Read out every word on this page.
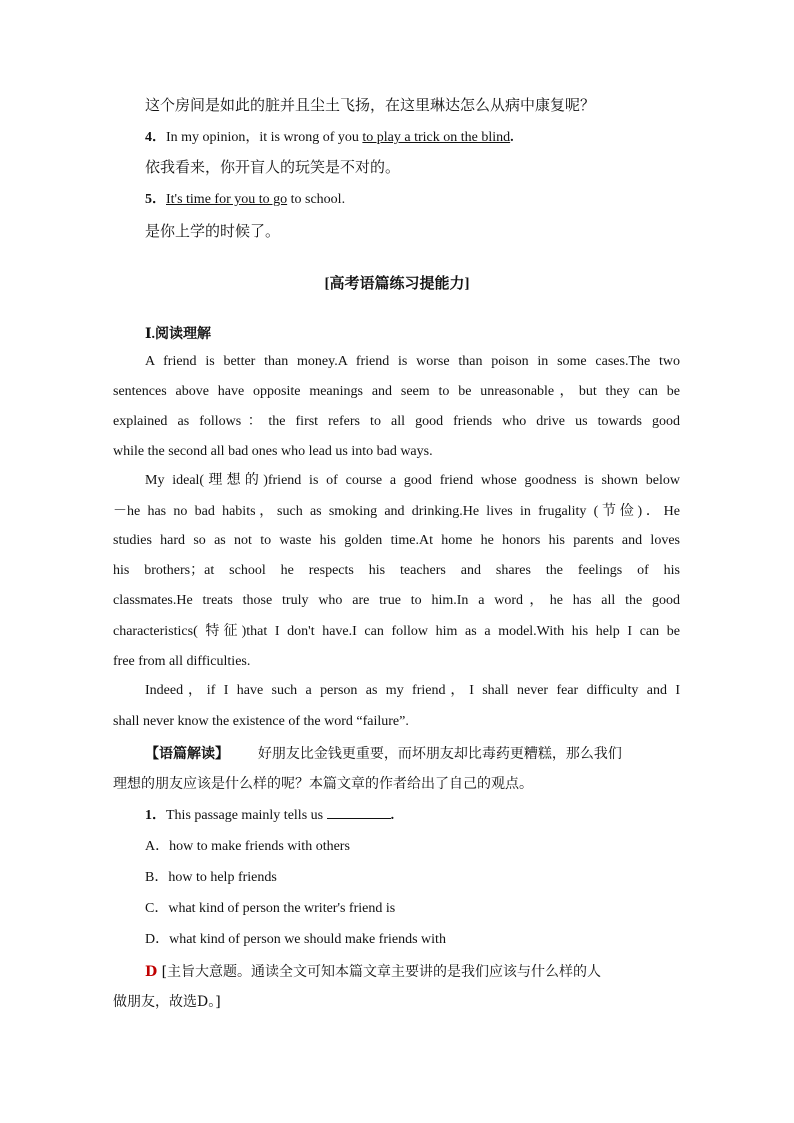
这个房间是如此的脏并且尘土飞扬，在这里琳达怎么从病中康复呢？
4．In my opinion，it is wrong of you to play a trick on the blind.
依我看来，你开盲人的玩笑是不对的。
5．It's time for you to go to school.
是你上学的时候了。
[高考语篇练习提能力]
Ⅰ.阅读理解
A friend is better than money.A friend is worse than poison in some cases.The two
sentences above have opposite meanings and seem to be unreasonable，but they can be
explained as follows：the first refers to all good friends who drive us towards good
while the second all bad ones who lead us into bad ways.
My ideal(理想的)friend is of course a good friend whose goodness is shown below
－he has no bad habits，such as smoking and drinking.He lives in frugality (节俭)．He
studies hard so as not to waste his golden time.At home he honors his parents and loves
his brothers；at school he respects his teachers and shares the feelings of his
classmates.He treats those truly who are true to him.In a word，he has all the good
characteristics( 特征)that I don't have.I can follow him as a model.With his help I can be
free from all difficulties.
Indeed，if I have such a person as my friend，I shall never fear difficulty and I
shall never know the existence of the word “failure”.
【语篇解读】 好朋友比金钱更重要，而坏朋友却比毒药更糟糕，那么我们
理想的朋友应该是什么样的呢？本篇文章的作者给出了自己的观点。
1．This passage mainly tells us	.
A．how to make friends with others
B．how to help friends
C．what kind of person the writer's friend is
D．what kind of person we should make friends with
D [主旨大意题。通读全文可知本篇文章主要讲的是我们应该与什么样的人
做朋友，故选D。]
